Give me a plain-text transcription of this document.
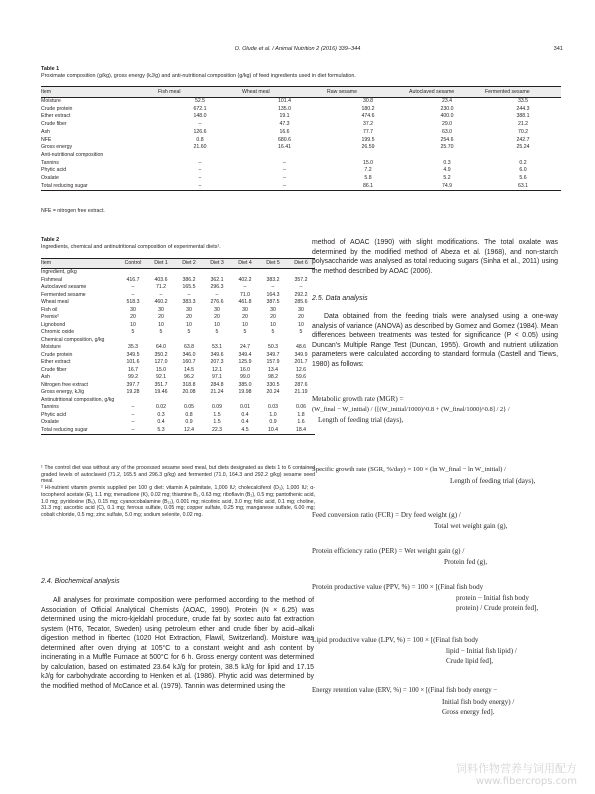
O. Olude et al. / Animal Nutrition 2 (2016) 339–344	341
Table 1
Proximate composition (g/kg), gross energy (kJ/g) and anti-nutritional composition (g/kg) of feed ingredients used in diet formulation.
Item	Fish meal	Wheat meal	Raw sesame	Autoclaved sesame	Fermented sesame
Moisture	52.5	101.4	30.8	23.4	33.5
Crude protein	672.1	135.0	180.2	230.0	244.3
Ether extract	148.0	19.1	474.6	400.0	388.1
Crude fiber	–	47.3	37.2	29.0	21.2
Ash	126.6	16.6	77.7	63.0	70.2
NFE	0.8	680.6	199.5	254.6	242.7
Gross energy	21.60	16.41	26.59	25.70	25.24
Anti-nutritional composition					
Tannins	–	–	15.0	0.3	0.2
Phytic acid	–	–	7.2	4.9	6.0
Oxalate	–	–	5.8	5.2	5.6
Total reducing sugar	–	–	86.1	74.9	63.1
NFE = nitrogen free extract.
Table 2
Ingredients, chemical and antinutritional composition of experimental diets¹.
Item	Control	Diet 1	Diet 2	Diet 3	Diet 4	Diet 5	Diet 6
Ingredient, g/kg							
Fishmeal	416.7	403.6	386.2	362.1	402.2	383.2	357.2
Autoclaved sesame	–	71.2	165.5	296.3	–	–	–
Fermented sesame	–	–	–	–	71.0	164.3	292.2
Wheat meal	518.3	460.2	383.3	276.6	461.8	387.5	285.6
Fish oil	30	30	30	30	30	30	30
Premix²	20	20	20	20	20	20	20
Lignobond	10	10	10	10	10	10	10
Chromic oxide	5	5	5	5	5	5	5
Chemical composition, g/kg							
Moisture	35.3	64.0	63.8	53.1	24.7	50.3	48.6
Crude protein	349.5	350.2	346.0	349.6	349.4	349.7	349.9
Ether extract	101.6	127.0	160.7	207.3	125.9	157.9	201.7
Crude fiber	16.7	15.0	14.5	12.1	16.0	13.4	12.6
Ash	99.2	92.1	96.2	97.1	99.0	98.2	59.6
Nitrogen free extract	397.7	351.7	318.8	284.8	385.0	330.5	287.6
Gross energy, kJ/g	19.28	19.46	20.08	21.24	19.98	20.24	21.19
Antinutritional composition, g/kg							
Tannins	–	0.02	0.05	0.09	0.01	0.03	0.06
Phytic acid	–	0.3	0.8	1.5	0.4	1.0	1.8
Oxalate	–	0.4	0.9	1.5	0.4	0.9	1.6
Total reducing sugar	–	5.3	12.4	22.3	4.5	10.4	18.4

¹ The control diet was without any of the processed sesame seed meal, but diets designated as diets 1 to 6 contained graded levels of autoclaved (71.2, 165.5 and 296.3 g/kg) and fermented (71.0, 164.3 and 292.2 g/kg) sesame seed meal.

² Hi-nutrient vitamin premix supplied per 100 g diet: vitamin A palmitate, 1,000 IU; cholecalciferol (D₃), 1,000 IU; α-tocopherol acetate (E), 1.1 mg; menadione (K), 0.02 mg; thiamine B₁, 0.63 mg; riboflavin (B₂), 0.5 mg; pantothenic acid, 1.0 mg; pyridoxine (B₆), 0.15 mg; cyanocobalamine (B₁₂), 0.001 mg; nicotinic acid, 3.0 mg; folic acid, 0.1 mg; choline, 31.3 mg; ascorbic acid (C), 0.1 mg; ferrous sulfate, 0.05 mg; copper sulfate, 0.25 mg; manganese sulfate, 6.00 mg; cobalt chloride, 0.5 mg; zinc sulfate, 5.0 mg; sodium selenite, 0.02 mg.

2.4. Biochemical analysis

All analyses for proximate composition were performed according to the method of Association of Official Analytical Chemists (AOAC, 1990). Protein (N × 6.25) was determined using the micro-kjeldahl procedure, crude fat by soxtec auto fat extraction system (HT6, Tecator, Sweden) using petroleum ether and crude fiber by acid–alkali digestion method in fibertec (1020 Hot Extraction, Flawil, Switzerland). Moisture was determined after oven drying at 105°C to a constant weight and ash content by incinerating in a Muffle Furnace at 500°C for 6 h. Gross energy content was determined by calculation, based on estimated 23.64 kJ/g for protein, 38.5 kJ/g for lipid and 17.15 kJ/g for carbohydrate according to Henken et al. (1986). Phytic acid was determined by the modified method of McCance et al. (1979). Tannin was determined using the

method of AOAC (1990) with slight modifications. The total oxalate was determined by the modified method of Abeza et al. (1968), and non-starch polysaccharide was analysed as total reducing sugars (Sinha et al., 2011) using the method described by AOAC (2006).

2.5. Data analysis

Data obtained from the feeding trials were analysed using a one-way analysis of variance (ANOVA) as described by Gomez and Gomez (1984). Mean differences between treatments was tested for significance (P < 0.05) using Duncan's Multiple Range Test (Duncan, 1955). Growth and nutrient utilization parameters were calculated according to standard formula (Castell and Tiews, 1980) as follows:

Metabolic growth rate (MGR) =
(W_final − W_initial) / {[(W_initial/1000)^0.8 + (W_final/1000)^0.8] / 2} /
Length of feeding trial (days),
Specific growth rate (SGR, %/day) = 100 × (ln W_final − ln W_initial) /
Length of feeding trial (days),
Feed conversion ratio (FCR) = Dry feed weight (g) /
Total wet weight gain (g),
Protein efficiency ratio (PER) = Wet weight gain (g) /
Protein fed (g),
Protein productive value (PPV, %) = 100 × [(Final fish body
protein − Initial fish body
protein) / Crude protein fed],
Lipid productive value (LPV, %) = 100 × [(Final fish body
lipid − Initial fish lipid) /
Crude lipid fed],
Energy retention value (ERV, %) = 100 × [(Final fish body energy −
Initial fish body energy) /
Gross energy fed].
饲料作物营养与饲用配方
www.fibercrops.com
